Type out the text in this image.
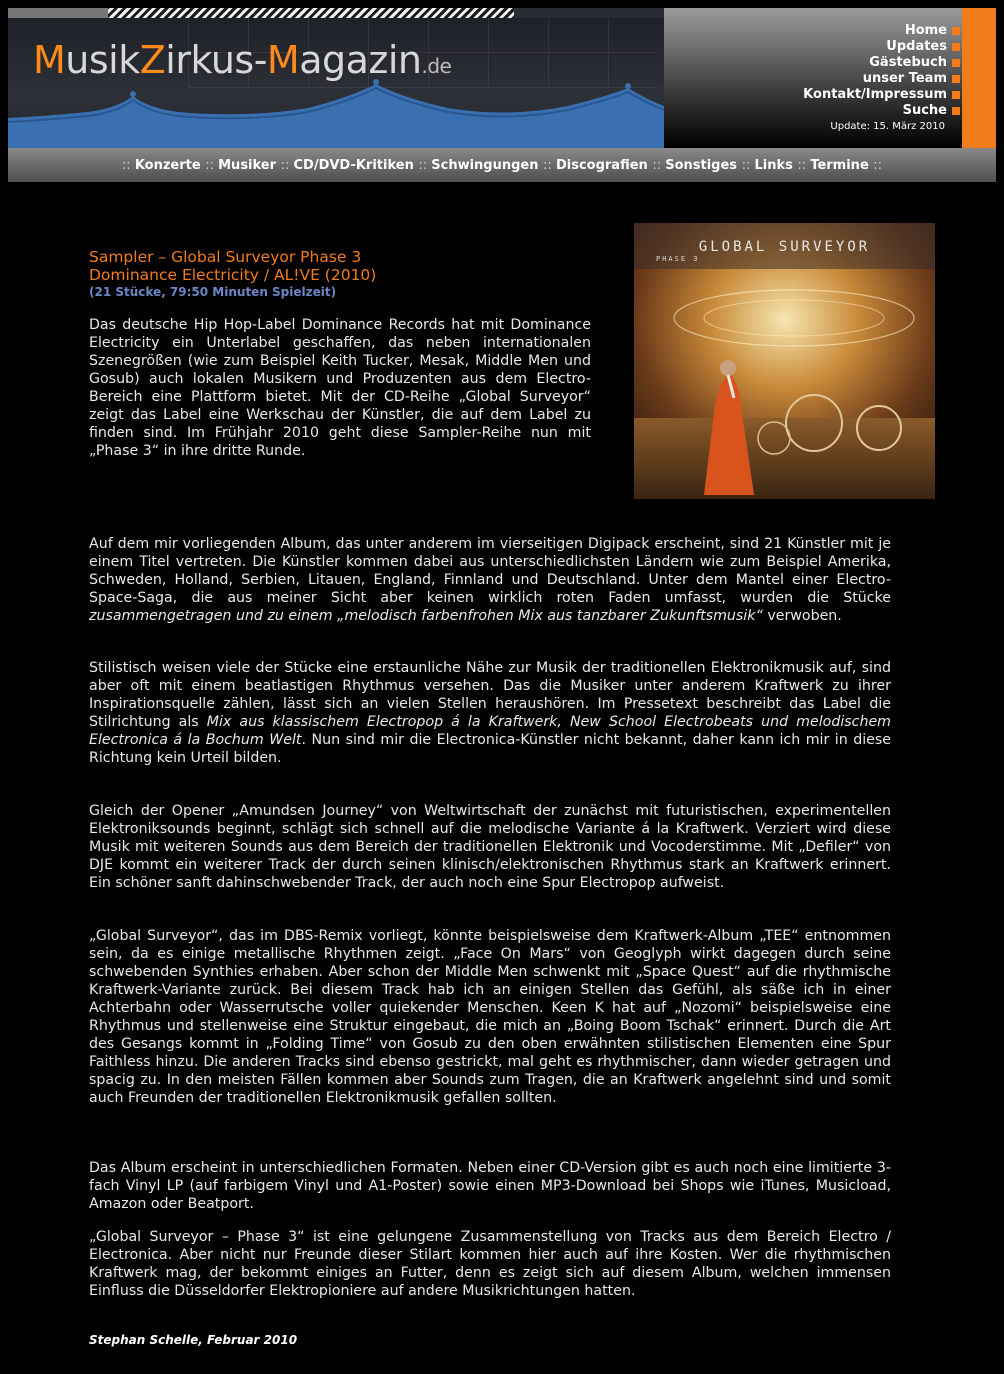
MusikZirkus-Magazin.de
Home
Updates
Gästebuch
unser Team
Kontakt/Impressum
Suche
Update: 15. März 2010
:: Konzerte :: Musiker :: CD/DVD-Kritiken :: Schwingungen :: Discografien :: Sonstiges :: Links :: Termine ::
Sampler – Global Surveyor Phase 3
Dominance Electricity / AL!VE (2010)
(21 Stücke, 79:50 Minuten Spielzeit)
GLOBAL SURVEYOR
PHASE 3
Das deutsche Hip Hop-Label Dominance Records hat mit Dominance Electricity ein Unterlabel geschaffen, das neben internationalen Szenegrößen (wie zum Beispiel Keith Tucker, Mesak, Middle Men und Gosub) auch lokalen Musikern und Produzenten aus dem Electro-Bereich eine Plattform bietet. Mit der CD-Reihe „Global Surveyor“ zeigt das Label eine Werkschau der Künstler, die auf dem Label zu finden sind. Im Frühjahr 2010 geht diese Sampler-Reihe nun mit „Phase 3“ in ihre dritte Runde.
Auf dem mir vorliegenden Album, das unter anderem im vierseitigen Digipack erscheint, sind 21 Künstler mit je einem Titel vertreten. Die Künstler kommen dabei aus unterschiedlichsten Ländern wie zum Beispiel Amerika, Schweden, Holland, Serbien, Litauen, England, Finnland und Deutschland. Unter dem Mantel einer Electro-Space-Saga, die aus meiner Sicht aber keinen wirklich roten Faden umfasst, wurden die Stücke zusammengetragen und zu einem „melodisch farbenfrohen Mix aus tanzbarer Zukunftsmusik“ verwoben.
Stilistisch weisen viele der Stücke eine erstaunliche Nähe zur Musik der traditionellen Elektronikmusik auf, sind aber oft mit einem beatlastigen Rhythmus versehen. Das die Musiker unter anderem Kraftwerk zu ihrer Inspirationsquelle zählen, lässt sich an vielen Stellen heraushören. Im Pressetext beschreibt das Label die Stilrichtung als Mix aus klassischem Electropop á la Kraftwerk, New School Electrobeats und melodischem Electronica á la Bochum Welt. Nun sind mir die Electronica-Künstler nicht bekannt, daher kann ich mir in diese Richtung kein Urteil bilden.
Gleich der Opener „Amundsen Journey“ von Weltwirtschaft der zunächst mit futuristischen, experimentellen Elektroniksounds beginnt, schlägt sich schnell auf die melodische Variante á la Kraftwerk. Verziert wird diese Musik mit weiteren Sounds aus dem Bereich der traditionellen Elektronik und Vocoderstimme. Mit „Defiler“ von DJE kommt ein weiterer Track der durch seinen klinisch/elektronischen Rhythmus stark an Kraftwerk erinnert. Ein schöner sanft dahinschwebender Track, der auch noch eine Spur Electropop aufweist.
„Global Surveyor“, das im DBS-Remix vorliegt, könnte beispielsweise dem Kraftwerk-Album „TEE“ entnommen sein, da es einige metallische Rhythmen zeigt. „Face On Mars“ von Geoglyph wirkt dagegen durch seine schwebenden Synthies erhaben. Aber schon der Middle Men schwenkt mit „Space Quest“ auf die rhythmische Kraftwerk-Variante zurück. Bei diesem Track hab ich an einigen Stellen das Gefühl, als säße ich in einer Achterbahn oder Wasserrutsche voller quiekender Menschen. Keen K hat auf „Nozomi“ beispielsweise eine Rhythmus und stellenweise eine Struktur eingebaut, die mich an „Boing Boom Tschak“ erinnert. Durch die Art des Gesangs kommt in „Folding Time“ von Gosub zu den oben erwähnten stilistischen Elementen eine Spur Faithless hinzu. Die anderen Tracks sind ebenso gestrickt, mal geht es rhythmischer, dann wieder getragen und spacig zu. In den meisten Fällen kommen aber Sounds zum Tragen, die an Kraftwerk angelehnt sind und somit auch Freunden der traditionellen Elektronikmusik gefallen sollten.
Das Album erscheint in unterschiedlichen Formaten. Neben einer CD-Version gibt es auch noch eine limitierte 3-fach Vinyl LP (auf farbigem Vinyl und A1-Poster) sowie einen MP3-Download bei Shops wie iTunes, Musicload, Amazon oder Beatport.
„Global Surveyor – Phase 3“ ist eine gelungene Zusammenstellung von Tracks aus dem Bereich Electro / Electronica. Aber nicht nur Freunde dieser Stilart kommen hier auch auf ihre Kosten. Wer die rhythmischen Kraftwerk mag, der bekommt einiges an Futter, denn es zeigt sich auf diesem Album, welchen immensen Einfluss die Düsseldorfer Elektropioniere auf andere Musikrichtungen hatten.
Stephan Schelle, Februar 2010
